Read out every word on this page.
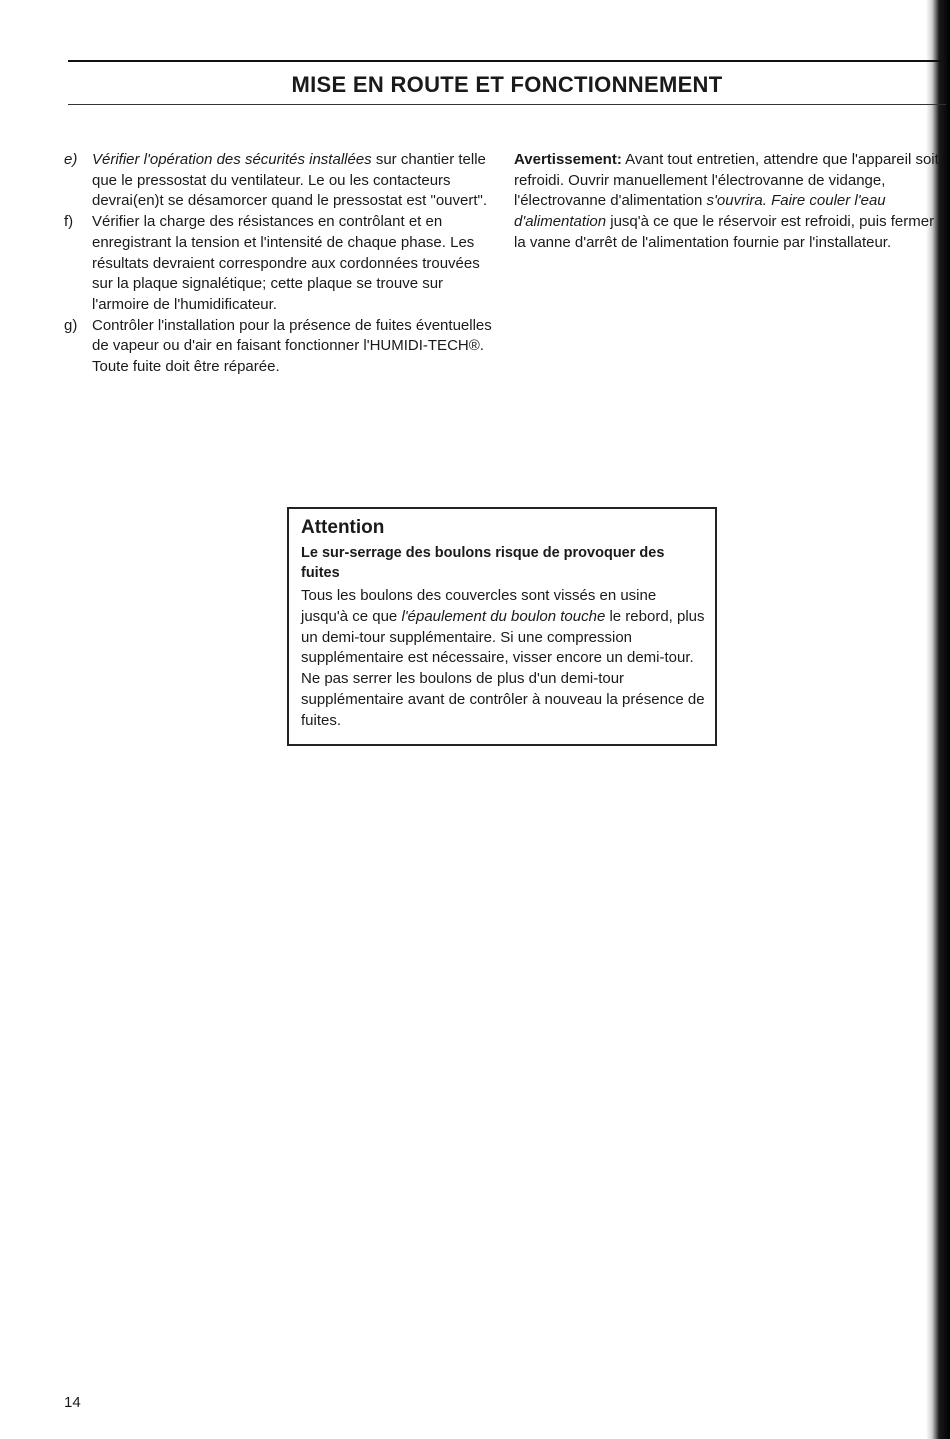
MISE EN ROUTE ET FONCTIONNEMENT
e) Vérifier l'opération des sécurités installées sur chantier telle que le pressostat du ventilateur. Le ou les contacteurs devrai(en)t se désamorcer quand le pressostat est "ouvert".
f)	Vérifier la charge des résistances en contrôlant et en enregistrant la tension et l'intensité de chaque phase. Les résultats devraient correspondre aux cordonnées trouvées sur la plaque signalétique; cette plaque se trouve sur l'armoire de l'humidificateur.
g) Contrôler l'installation pour la présence de fuites éventuelles de vapeur ou d'air en faisant fonctionner l'HUMIDI-TECH®. Toute fuite doit être réparée.

Avertissement: Avant tout entretien, attendre que l'appareil soit refroidi. Ouvrir manuellement l'électrovanne de vidange, l'électrovanne d'alimentation s'ouvrira. Faire couler l'eau d'alimentation jusq'à ce que le réservoir est refroidi, puis fermer la vanne d'arrêt de l'alimentation fournie par l'installateur.

Attention

Le sur-serrage des boulons risque de provoquer des fuites

Tous les boulons des couvercles sont vissés en usine jusqu'à ce que l'épaulement du boulon touche le rebord, plus un demi-tour supplémentaire. Si une compression supplémentaire est nécessaire, visser encore un demi-tour. Ne pas serrer les boulons de plus d'un demi-tour supplémentaire avant de contrôler à nouveau la présence de fuites.

14
